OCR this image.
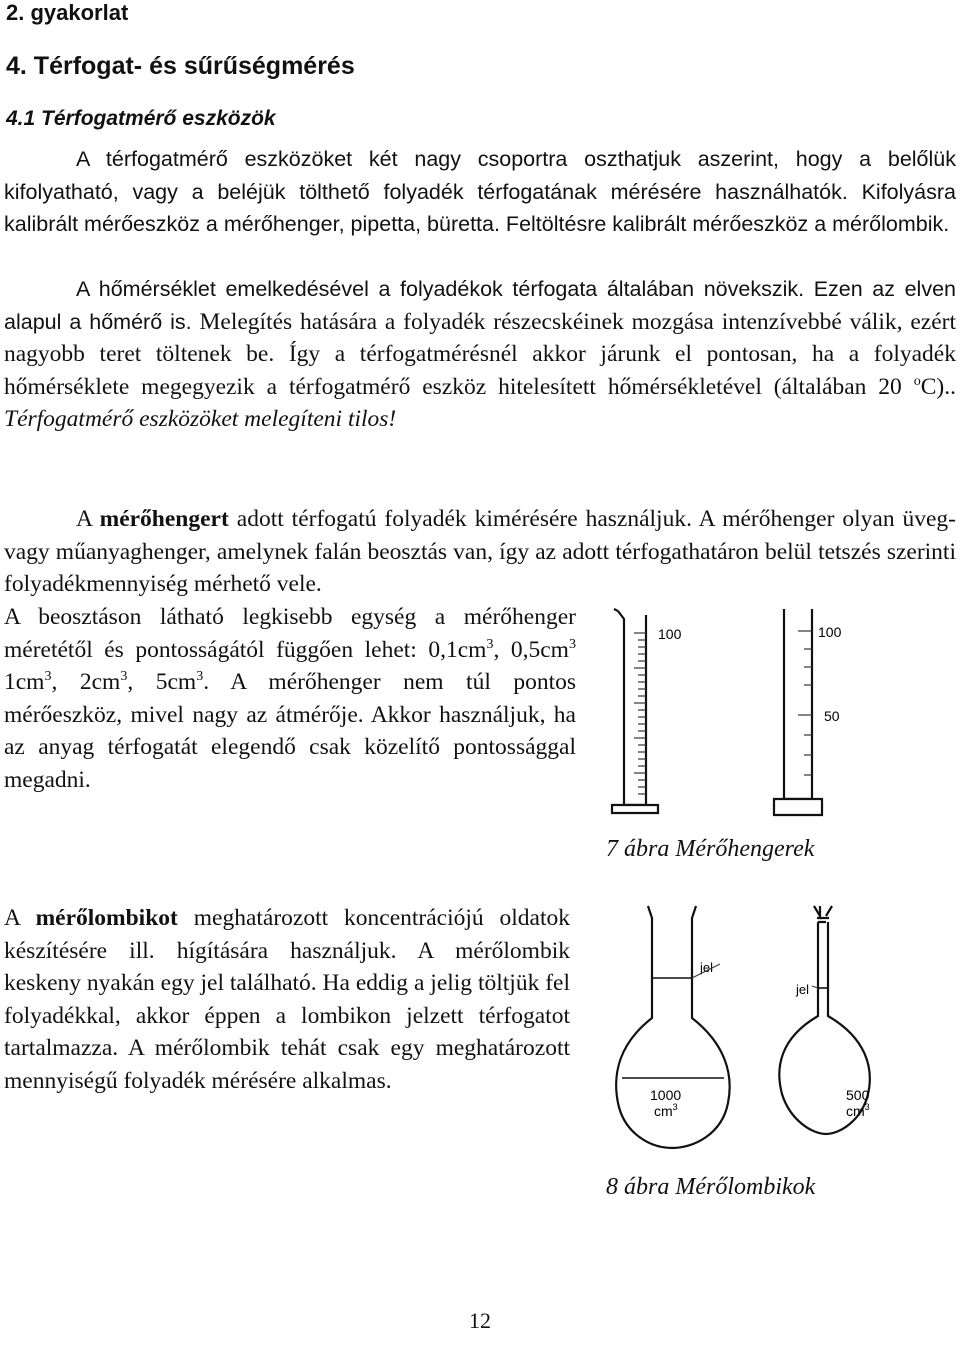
2. gyakorlat
4. Térfogat- és sűrűségmérés
4.1 Térfogatmérő eszközök
A térfogatmérő eszközöket két nagy csoportra oszthatjuk aszerint, hogy a belőlük kifolyatható, vagy a beléjük tölthető folyadék térfogatának mérésére használhatók. Kifolyásra kalibrált mérőeszköz a mérőhenger, pipetta, büretta. Feltöltésre kalibrált mérőeszköz a mérőlombik.
A hőmérséklet emelkedésével a folyadékok térfogata általában növekszik. Ezen az elven alapul a hőmérő is. Melegítés hatására a folyadék részecskéinek mozgása intenzívebbé válik, ezért nagyobb teret töltenek be. Így a térfogatmérésnél akkor járunk el pontosan, ha a folyadék hőmérséklete megegyezik a térfogatmérő eszköz hitelesített hőmérsékletével (általában 20 $^o$C).. Térfogatmérő eszközöket melegíteni tilos!
A mérőhengert adott térfogatú folyadék kimérésére használjuk. A mérőhenger olyan üveg- vagy műanyaghenger, amelynek falán beosztás van, így az adott térfogathatáron belül tetszés szerinti folyadékmennyiség mérhető vele.
A beosztáson látható legkisebb egység a mérőhenger méretétől és pontosságától függően lehet: $0,1cm^3$, $0,5cm^3$ $1cm^3$, $2cm^3$, $5cm^3$. A mérőhenger nem túl pontos mérőeszköz, mivel nagy az átmérője. Akkor használjuk, ha az anyag térfogatát elegendő csak közelítő pontossággal megadni.
100	100
50
7 ábra Mérőhengerek
A mérőlombikot meghatározott koncentrációjú oldatok készítésére ill. hígítására használjuk. A mérőlombik keskeny nyakán egy jel található. Ha eddig a jelig töltjük fel folyadékkal, akkor éppen a lombikon jelzett térfogatot tartalmazza. A mérőlombik tehát csak egy meghatározott mennyiségű folyadék mérésére alkalmas.
jel
1000
$cm^3$
jel
500
$cm^3$
8 ábra Mérőlombikok
12
